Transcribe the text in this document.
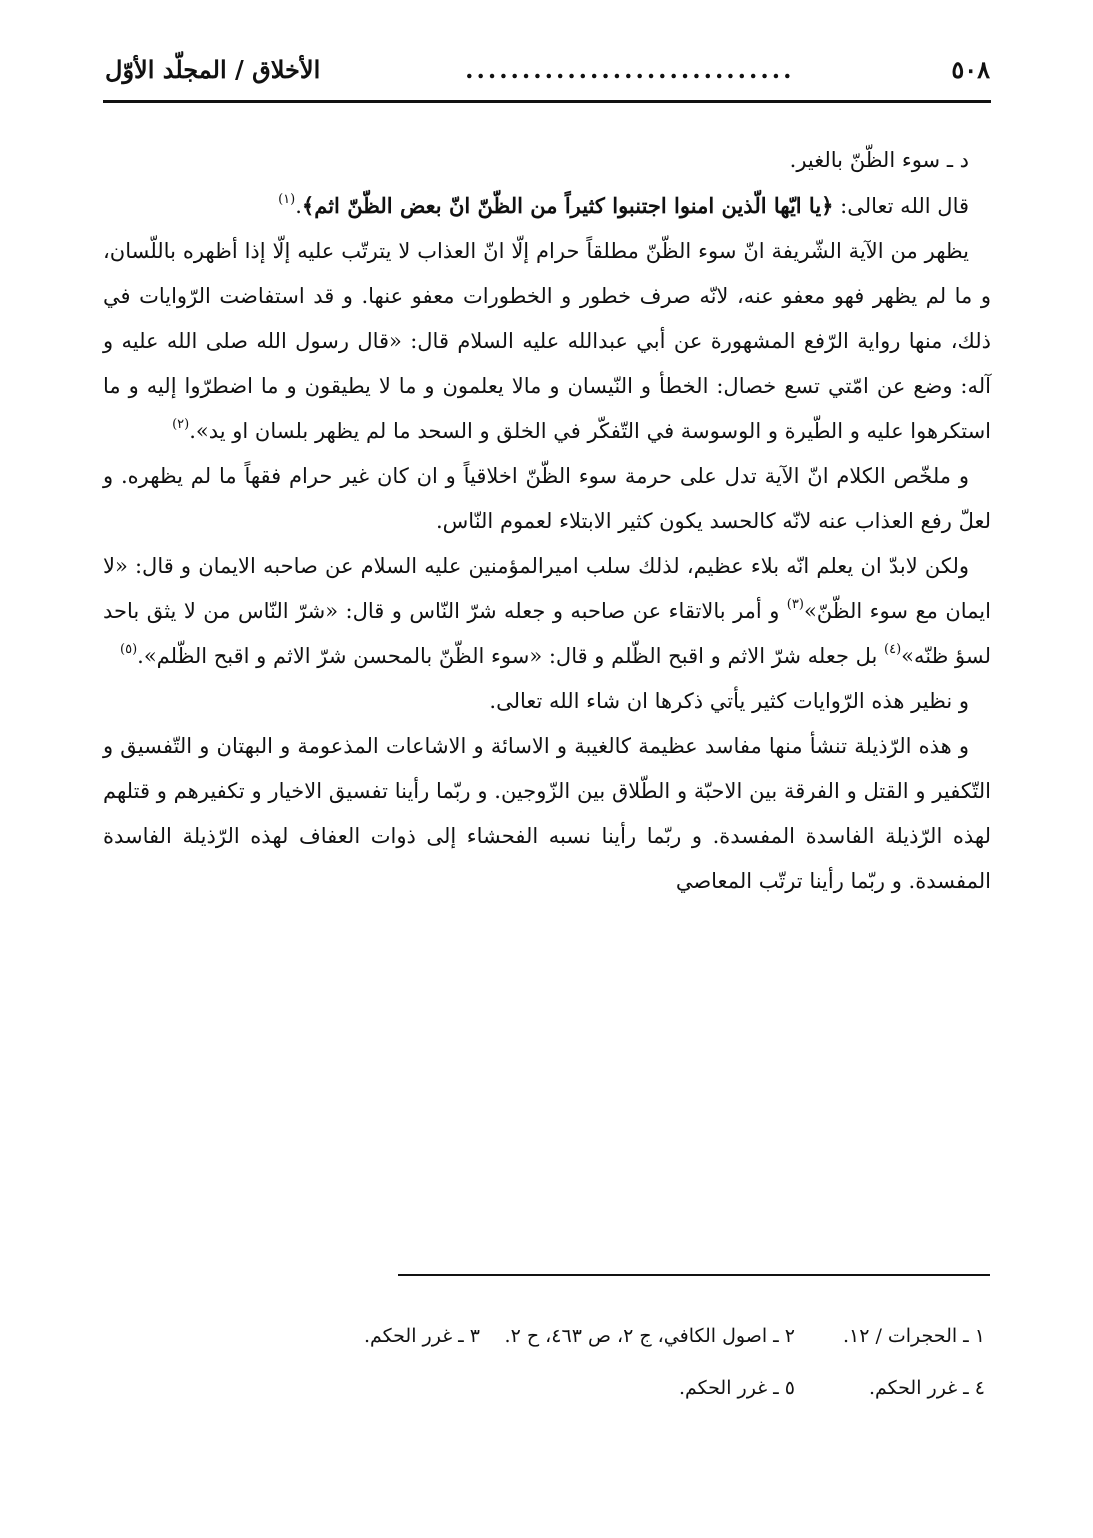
٥٠٨
.............................
الأخلاق / المجلّد الأوّل

د ـ سوء الظّنّ بالغير.

قال الله تعالى: ﴿يا ايّها الّذين امنوا اجتنبوا كثيراً من الظّنّ انّ بعض الظّنّ اثم﴾.$^{(١)}$

يظهر من الآية الشّريفة انّ سوء الظّنّ مطلقاً حرام إلّا انّ العذاب لا يترتّب عليه إلّا إذا أظهره باللّسان، و ما لم يظهر فهو معفو عنه، لانّه صرف خطور و الخطورات معفو عنها. و قد استفاضت الرّوايات في ذلك، منها رواية الرّفع المشهورة عن أبي عبدالله عليه السلام قال: «قال رسول الله صلى الله عليه و آله: وضع عن امّتي تسع خصال: الخطأ و النّيسان و مالا يعلمون و ما لا يطيقون و ما اضطرّوا إليه و ما استكرهوا عليه و الطّيرة و الوسوسة في التّفكّر في الخلق و السحد ما لم يظهر بلسان او يد».$^{(٢)}$

و ملخّص الكلام انّ الآية تدل على حرمة سوء الظّنّ اخلاقياً و ان كان غير حرام فقهاً ما لم يظهره. و لعلّ رفع العذاب عنه لانّه كالحسد يكون كثير الابتلاء لعموم النّاس.

ولكن لابدّ ان يعلم انّه بلاء عظيم، لذلك سلب اميرالمؤمنين عليه السلام عن صاحبه الايمان و قال: «لا ايمان مع سوء الظّنّ»$^{(٣)}$ و أمر بالاتقاء عن صاحبه و جعله شرّ النّاس و قال: «شرّ النّاس من لا يثق باحد لسؤ ظنّه»$^{(٤)}$ بل جعله شرّ الاثم و اقبح الظّلم و قال: «سوء الظّنّ بالمحسن شرّ الاثم و اقبح الظّلم».$^{(٥)}$

و نظير هذه الرّوايات كثير يأتي ذكرها ان شاء الله تعالى.

و هذه الرّذيلة تنشأ منها مفاسد عظيمة كالغيبة و الاسائة و الاشاعات المذعومة و البهتان و التّفسيق و التّكفير و القتل و الفرقة بين الاحبّة و الطّلاق بين الزّوجين. و ربّما رأينا تفسيق الاخيار و تكفيرهم و قتلهم لهذه الرّذيلة الفاسدة المفسدة. و ربّما رأينا نسبه الفحشاء إلى ذوات العفاف لهذه الرّذيلة الفاسدة المفسدة. و ربّما رأينا ترتّب المعاصي

١ ـ الحجرات / ١٢.
٢ ـ اصول الكافي، ج ٢، ص ٤٦٣، ح ٢.
٣ ـ غرر الحكم.
٤ ـ غرر الحكم.
٥ ـ غرر الحكم.
